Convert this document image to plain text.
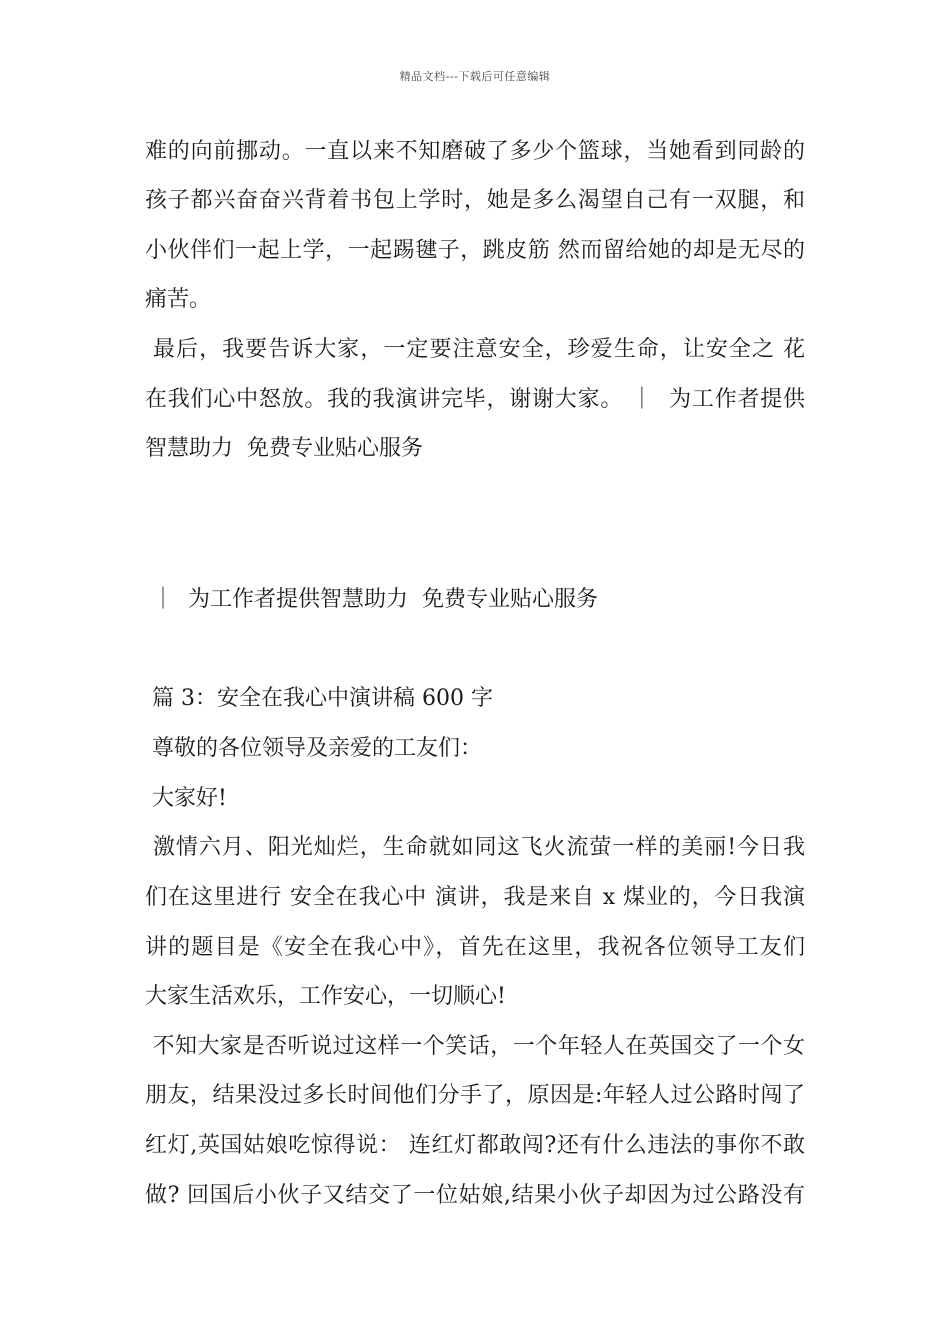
精品文档---下载后可任意编辑
难的向前挪动。一直以来不知磨破了多少个篮球，当她看到同龄的
孩子都兴奋奋兴背着书包上学时，她是多么渴望自己有一双腿，和
小伙伴们一起上学，一起踢毽子，跳皮筋 然而留给她的却是无尽的
痛苦。
最后，我要告诉大家，一定要注意安全，珍爱生命，让安全之 花
在我们心中怒放。我的我演讲完毕，谢谢大家。 ｜  为工作者提供
智慧助力  免费专业贴心服务
｜  为工作者提供智慧助力  免费专业贴心服务
篇 3：安全在我心中演讲稿 600 字
尊敬的各位领导及亲爱的工友们：
大家好!
激情六月、阳光灿烂，生命就如同这飞火流萤一样的美丽!今日我
们在这里进行 安全在我心中 演讲，我是来自 x 煤业的，今日我演
讲的题目是《安全在我心中》，首先在这里，我祝各位领导工友们
大家生活欢乐，工作安心，一切顺心!
不知大家是否听说过这样一个笑话，一个年轻人在英国交了一个女
朋友，结果没过多长时间他们分手了，原因是:年轻人过公路时闯了
红灯,英国姑娘吃惊得说： 连红灯都敢闯?还有什么违法的事你不敢
做? 回国后小伙子又结交了一位姑娘,结果小伙子却因为过公路没有
